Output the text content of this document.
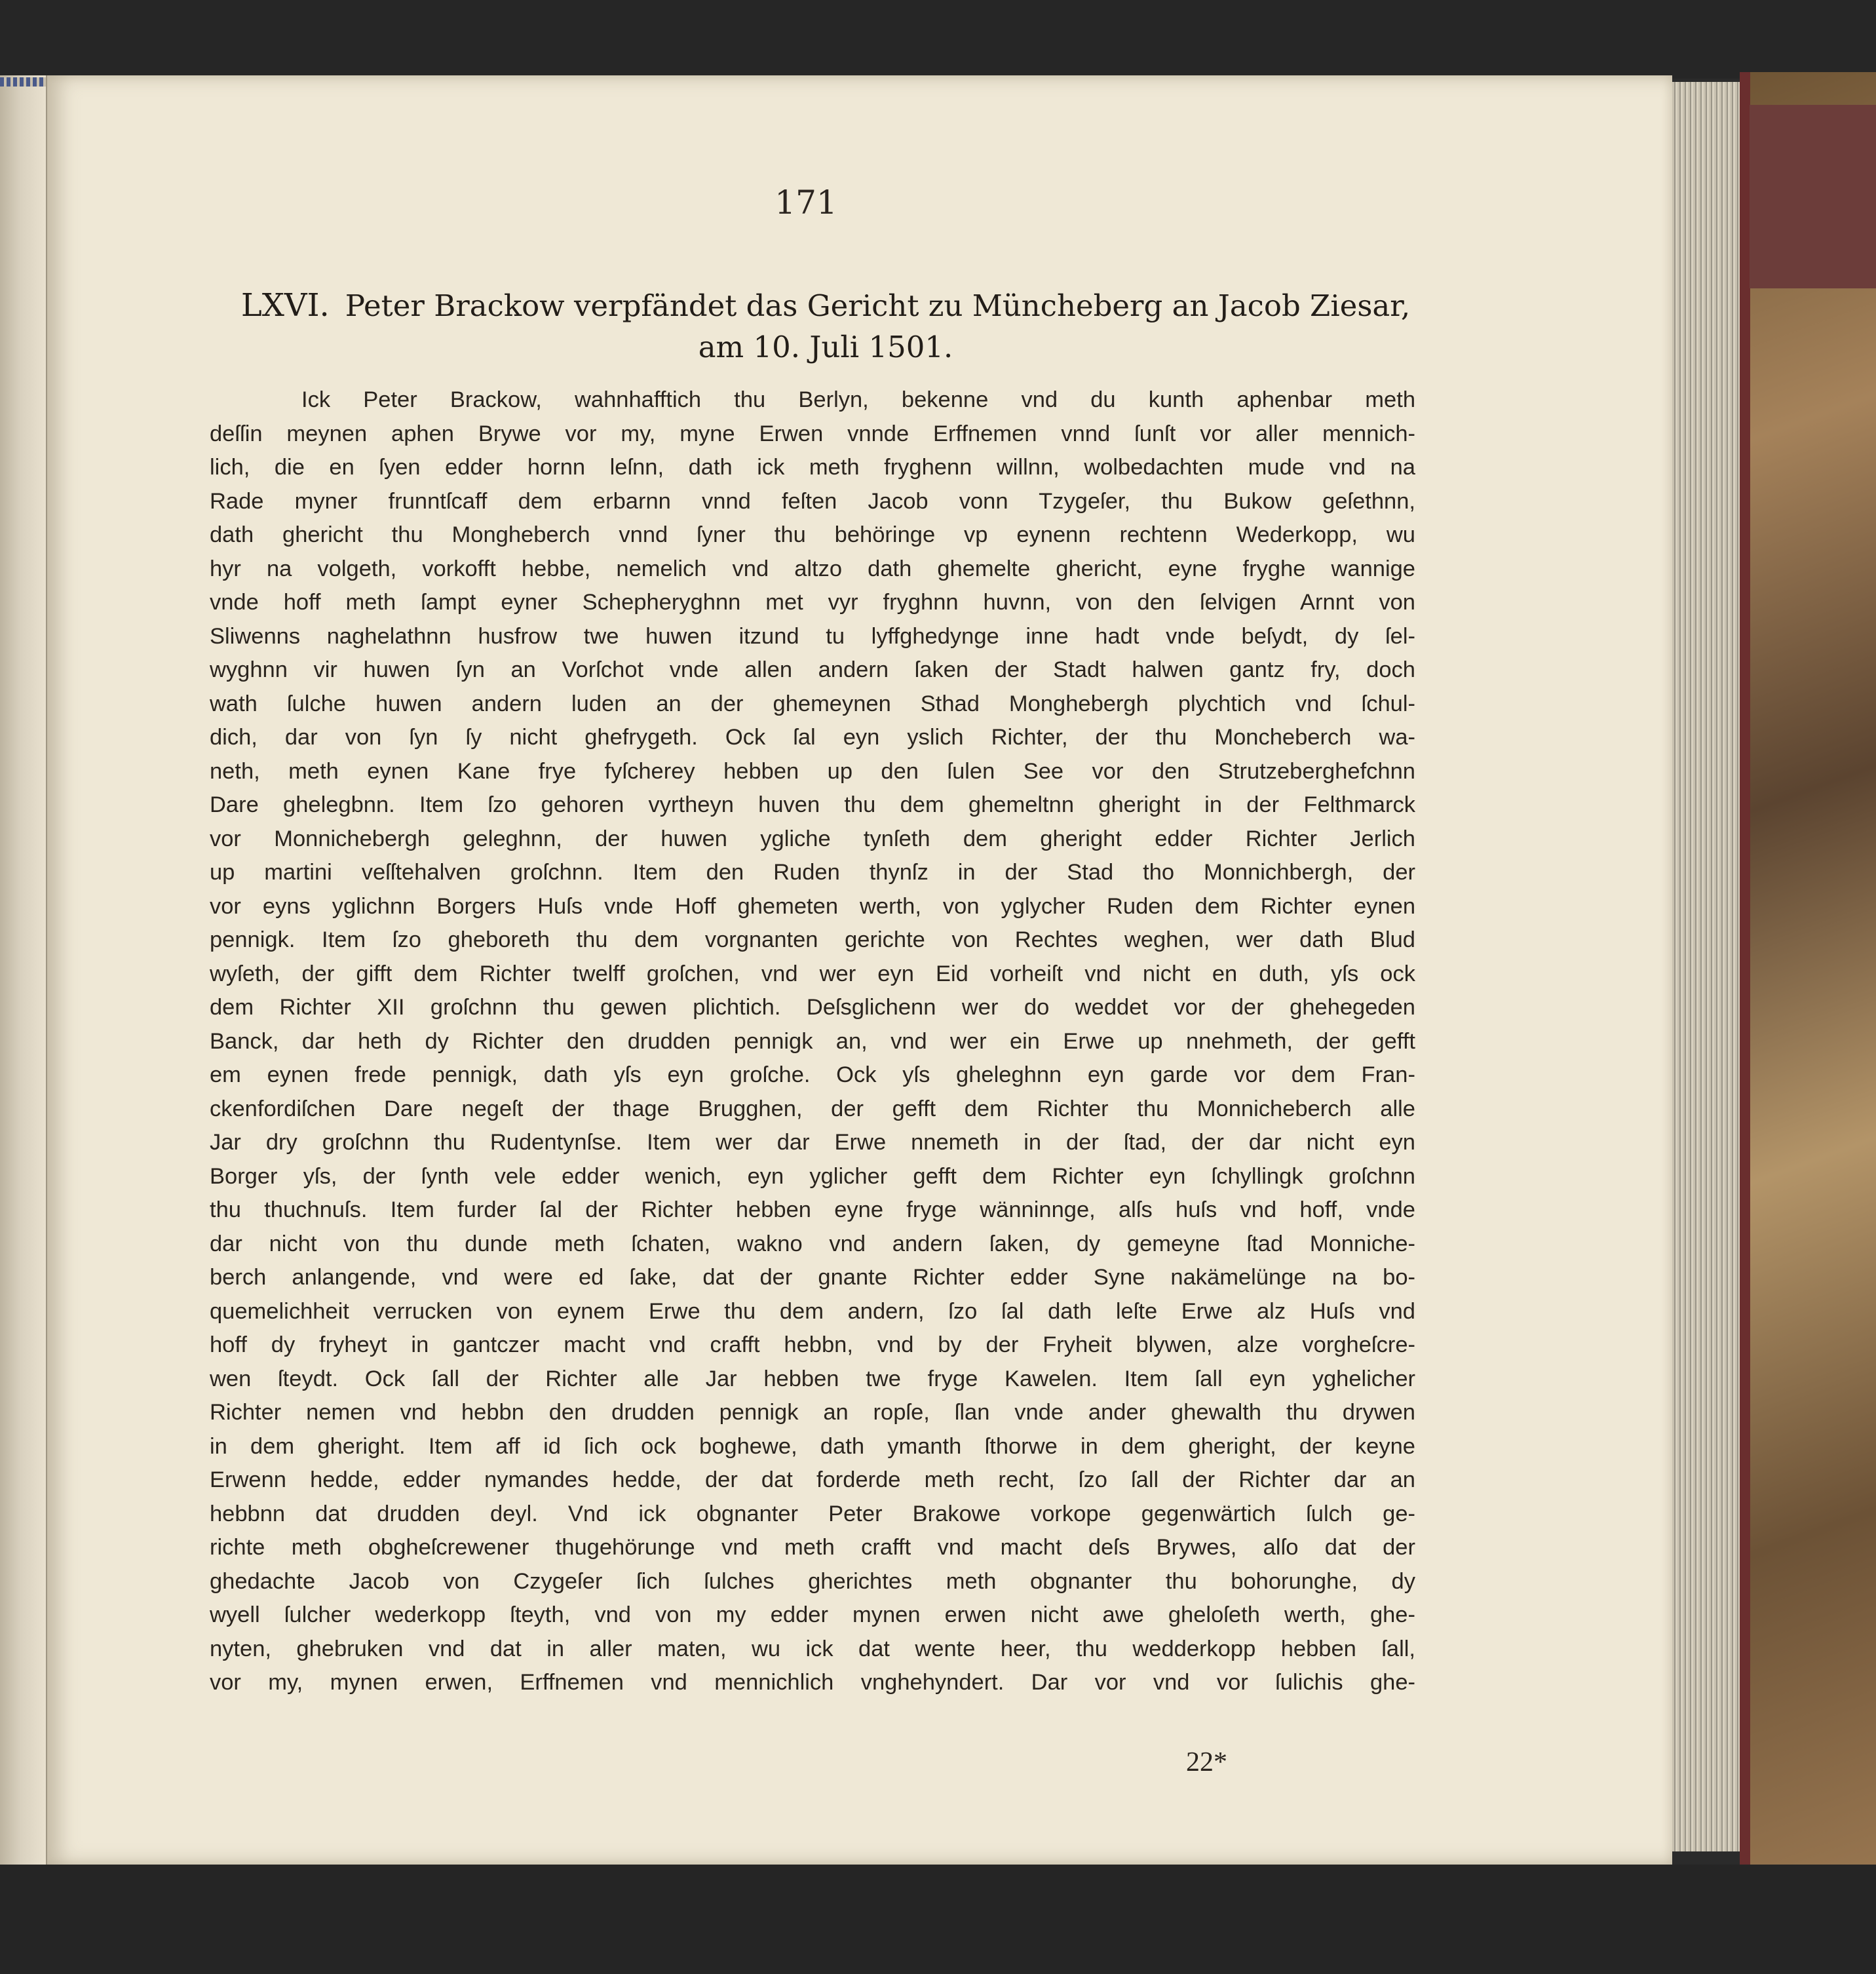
171
LXVI. Peter Brackow verpfändet das Gericht zu Müncheberg an Jacob Ziesar,
am 10. Juli 1501.
Ick Peter Brackow, wahnhafftich thu Berlyn, bekenne vnd du kunth aphenbar meth
deſſin meynen aphen Brywe vor my, myne Erwen vnnde Erffnemen vnnd ſunſt vor aller mennich-
lich, die en ſyen edder hornn leſnn, dath ick meth fryghenn willnn, wolbedachten mude vnd na
Rade myner frunntſcaff dem erbarnn vnnd feſten Jacob vonn Tzygeſer, thu Bukow geſethnn,
dath ghericht thu Mongheberch vnnd ſyner thu behöringe vp eynenn rechtenn Wederkopp, wu
hyr na volgeth, vorkofft hebbe, nemelich vnd altzo dath ghemelte ghericht, eyne fryghe wannige
vnde hoff meth ſampt eyner Schepheryghnn met vyr fryghnn huvnn, von den ſelvigen Arnnt von
Sliwenns naghelathnn husfrow twe huwen itzund tu lyffghedynge inne hadt vnde beſydt, dy ſel-
wyghnn vir huwen ſyn an Vorſchot vnde allen andern ſaken der Stadt halwen gantz fry, doch
wath ſulche huwen andern luden an der ghemeynen Sthad Monghebergh plychtich vnd ſchul-
dich, dar von ſyn ſy nicht ghefrygeth. Ock ſal eyn yslich Richter, der thu Moncheberch wa-
neth, meth eynen Kane frye fyſcherey hebben up den ſulen See vor den Strutzeberghefchnn
Dare ghelegbnn. Item ſzo gehoren vyrtheyn huven thu dem ghemeltnn gheright in der Felthmarck
vor Monnichebergh geleghnn, der huwen ygliche tynſeth dem gheright edder Richter Jerlich
up martini veſſtehalven groſchnn. Item den Ruden thynſz in der Stad tho Monnichbergh, der
vor eyns yglichnn Borgers Huſs vnde Hoff ghemeten werth, von yglycher Ruden dem Richter eynen
pennigk. Item ſzo gheboreth thu dem vorgnanten gerichte von Rechtes weghen, wer dath Blud
wyſeth, der gifft dem Richter twelff groſchen, vnd wer eyn Eid vorheiſt vnd nicht en duth, yſs ock
dem Richter XII groſchnn thu gewen plichtich. Deſsglichenn wer do weddet vor der ghehegeden
Banck, dar heth dy Richter den drudden pennigk an, vnd wer ein Erwe up nnehmeth, der gefft
em eynen frede pennigk, dath yſs eyn groſche. Ock yſs gheleghnn eyn garde vor dem Fran-
ckenfordiſchen Dare negeſt der thage Brugghen, der gefft dem Richter thu Monnicheberch alle
Jar dry groſchnn thu Rudentynſse. Item wer dar Erwe nnemeth in der ſtad, der dar nicht eyn
Borger yſs, der ſynth vele edder wenich, eyn yglicher gefft dem Richter eyn ſchyllingk groſchnn
thu thuchnuſs. Item furder ſal der Richter hebben eyne fryge wänninnge, alſs huſs vnd hoff, vnde
dar nicht von thu dunde meth ſchaten, wakno vnd andern ſaken, dy gemeyne ſtad Monniche-
berch anlangende, vnd were ed ſake, dat der gnante Richter edder Syne nakämelünge na bo-
quemelichheit verrucken von eynem Erwe thu dem andern, ſzo ſal dath leſte Erwe alz Huſs vnd
hoff dy fryheyt in gantczer macht vnd crafft hebbn, vnd by der Fryheit blywen, alze vorgheſcre-
wen ſteydt. Ock ſall der Richter alle Jar hebben twe fryge Kawelen. Item ſall eyn yghelicher
Richter nemen vnd hebbn den drudden pennigk an ropſe, ſlan vnde ander ghewalth thu drywen
in dem gheright. Item aff id ſich ock boghewe, dath ymanth ſthorwe in dem gheright, der keyne
Erwenn hedde, edder nymandes hedde, der dat forderde meth recht, ſzo ſall der Richter dar an
hebbnn dat drudden deyl. Vnd ick obgnanter Peter Brakowe vorkope gegenwärtich ſulch ge-
richte meth obgheſcrewener thugehörunge vnd meth crafft vnd macht deſs Brywes, alſo dat der
ghedachte Jacob von Czygeſer ſich ſulches gherichtes meth obgnanter thu bohorunghe, dy
wyell ſulcher wederkopp ſteyth, vnd von my edder mynen erwen nicht awe gheloſeth werth, ghe-
nyten, ghebruken vnd dat in aller maten, wu ick dat wente heer, thu wedderkopp hebben ſall,
vor my, mynen erwen, Erffnemen vnd mennichlich vnghehyndert. Dar vor vnd vor ſulichis ghe-
22*
